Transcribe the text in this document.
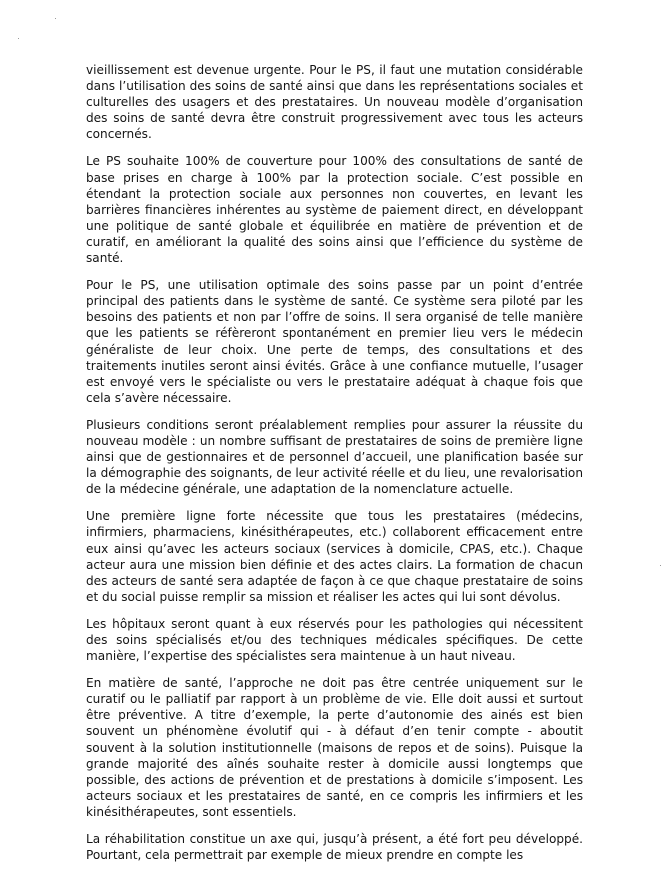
vieillissement est devenue urgente. Pour le PS, il faut une mutation considérable dans l’utilisation des soins de santé ainsi que dans les représentations sociales et culturelles des usagers et des prestataires. Un nouveau modèle d’organisation des soins de santé devra être construit progressivement avec tous les acteurs concernés.

Le PS souhaite 100% de couverture pour 100% des consultations de santé de base prises en charge à 100% par la protection sociale. C’est possible en étendant la protection sociale aux personnes non couvertes, en levant les barrières financières inhérentes au système de paiement direct, en développant une politique de santé globale et équilibrée en matière de prévention et de curatif, en améliorant la qualité des soins ainsi que l’efficience du système de santé.

Pour le PS, une utilisation optimale des soins passe par un point d’entrée principal des patients dans le système de santé. Ce système sera piloté par les besoins des patients et non par l’offre de soins. Il sera organisé de telle manière que les patients se réfèreront spontanément en premier lieu vers le médecin généraliste de leur choix. Une perte de temps, des consultations et des traitements inutiles seront ainsi évités. Grâce à une confiance mutuelle, l’usager est envoyé vers le spécialiste ou vers le prestataire adéquat à chaque fois que cela s’avère nécessaire.

Plusieurs conditions seront préalablement remplies pour assurer la réussite du nouveau modèle : un nombre suffisant de prestataires de soins de première ligne ainsi que de gestionnaires et de personnel d’accueil, une planification basée sur la démographie des soignants, de leur activité réelle et du lieu, une revalorisation de la médecine générale, une adaptation de la nomenclature actuelle.

Une première ligne forte nécessite que tous les prestataires (médecins, infirmiers, pharmaciens, kinésithérapeutes, etc.) collaborent efficacement entre eux ainsi qu’avec les acteurs sociaux (services à domicile, CPAS, etc.). Chaque acteur aura une mission bien définie et des actes clairs. La formation de chacun des acteurs de santé sera adaptée de façon à ce que chaque prestataire de soins et du social puisse remplir sa mission et réaliser les actes qui lui sont dévolus.

Les hôpitaux seront quant à eux réservés pour les pathologies qui nécessitent des soins spécialisés et/ou des techniques médicales spécifiques. De cette manière, l’expertise des spécialistes sera maintenue à un haut niveau.

En matière de santé, l’approche ne doit pas être centrée uniquement sur le curatif ou le palliatif par rapport à un problème de vie. Elle doit aussi et surtout être préventive. A titre d’exemple, la perte d’autonomie des ainés est bien souvent un phénomène évolutif qui - à défaut d’en tenir compte - aboutit souvent à la solution institutionnelle (maisons de repos et de soins). Puisque la grande majorité des aînés souhaite rester à domicile aussi longtemps que possible, des actions de prévention et de prestations à domicile s’imposent. Les acteurs sociaux et les prestataires de santé, en ce compris les infirmiers et les kinésithérapeutes, sont essentiels.

La réhabilitation constitue un axe qui, jusqu’à présent, a été fort peu développé. Pourtant, cela permettrait par exemple de mieux prendre en compte les
